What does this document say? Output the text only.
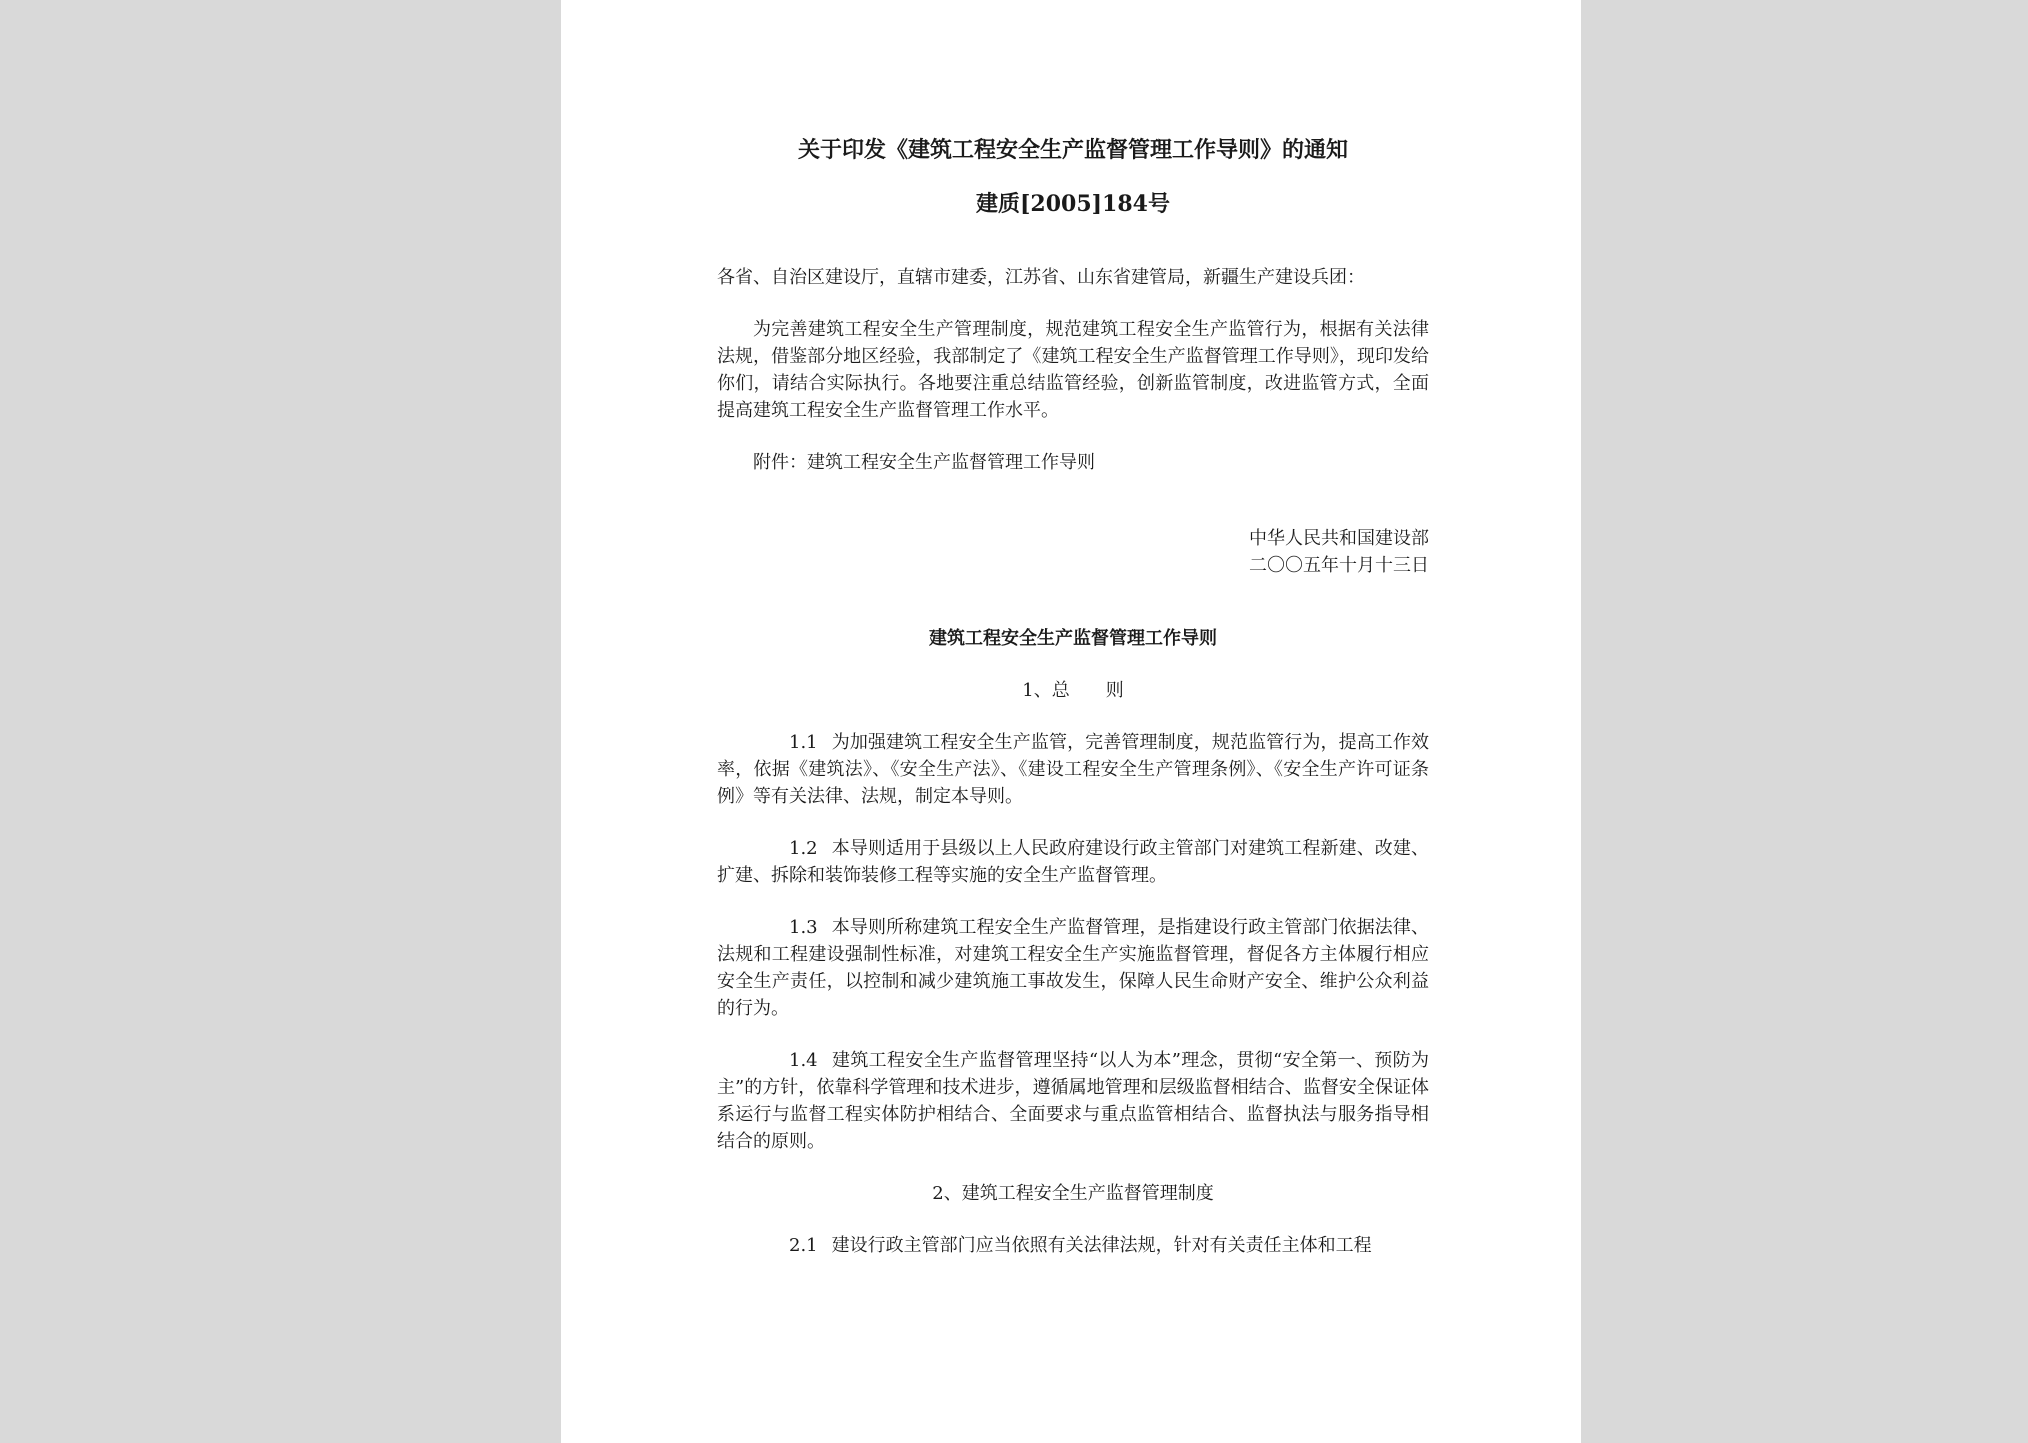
关于印发《建筑工程安全生产监督管理工作导则》的通知
建质[2005]184号

各省、自治区建设厅，直辖市建委，江苏省、山东省建管局，新疆生产建设兵团：

为完善建筑工程安全生产管理制度，规范建筑工程安全生产监管行为，根据有关法律法规，借鉴部分地区经验，我部制定了《建筑工程安全生产监督管理工作导则》，现印发给你们，请结合实际执行。各地要注重总结监管经验，创新监管制度，改进监管方式，全面提高建筑工程安全生产监督管理工作水平。

附件：建筑工程安全生产监督管理工作导则

中华人民共和国建设部
二〇〇五年十月十三日
建筑工程安全生产监督管理工作导则
1、总　　则

1.1 为加强建筑工程安全生产监管，完善管理制度，规范监管行为，提高工作效率，依据《建筑法》、《安全生产法》、《建设工程安全生产管理条例》、《安全生产许可证条例》等有关法律、法规，制定本导则。

1.2 本导则适用于县级以上人民政府建设行政主管部门对建筑工程新建、改建、扩建、拆除和装饰装修工程等实施的安全生产监督管理。

1.3 本导则所称建筑工程安全生产监督管理，是指建设行政主管部门依据法律、法规和工程建设强制性标准，对建筑工程安全生产实施监督管理，督促各方主体履行相应安全生产责任，以控制和减少建筑施工事故发生，保障人民生命财产安全、维护公众利益的行为。

1.4 建筑工程安全生产监督管理坚持“以人为本”理念，贯彻“安全第一、预防为主”的方针，依靠科学管理和技术进步，遵循属地管理和层级监督相结合、监督安全保证体系运行与监督工程实体防护相结合、全面要求与重点监管相结合、监督执法与服务指导相结合的原则。

2、建筑工程安全生产监督管理制度

2.1 建设行政主管部门应当依照有关法律法规，针对有关责任主体和工程
